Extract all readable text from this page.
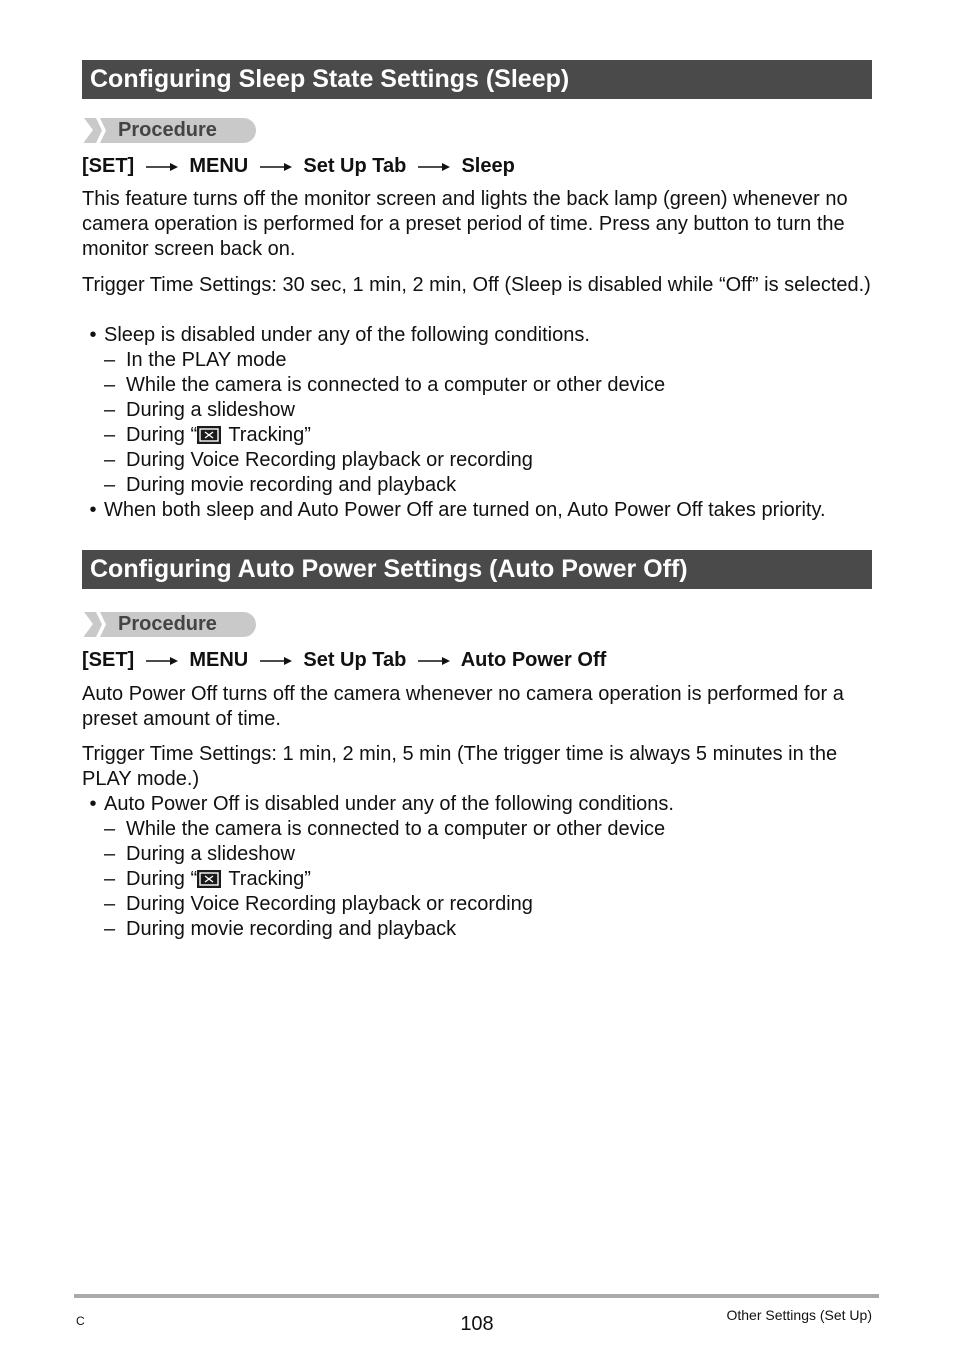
Configuring Sleep State Settings (Sleep)
Procedure
[SET]	MENU	Set Up Tab	Sleep
This feature turns off the monitor screen and lights the back lamp (green) whenever no camera operation is performed for a preset period of time. Press any button to turn the monitor screen back on.
Trigger Time Settings: 30 sec, 1 min, 2 min, Off (Sleep is disabled while “Off” is selected.)
• Sleep is disabled under any of the following conditions.
– In the PLAY mode
– While the camera is connected to a computer or other device
– During a slideshow
– During “ Tracking”
– During Voice Recording playback or recording
– During movie recording and playback
• When both sleep and Auto Power Off are turned on, Auto Power Off takes priority.
Configuring Auto Power Settings (Auto Power Off)
Procedure
[SET]	MENU	Set Up Tab	Auto Power Off
Auto Power Off turns off the camera whenever no camera operation is performed for a preset amount of time.
Trigger Time Settings: 1 min, 2 min, 5 min (The trigger time is always 5 minutes in the PLAY mode.)
• Auto Power Off is disabled under any of the following conditions.
– While the camera is connected to a computer or other device
– During a slideshow
– During “ Tracking”
– During Voice Recording playback or recording
– During movie recording and playback
C	108	Other Settings (Set Up)
